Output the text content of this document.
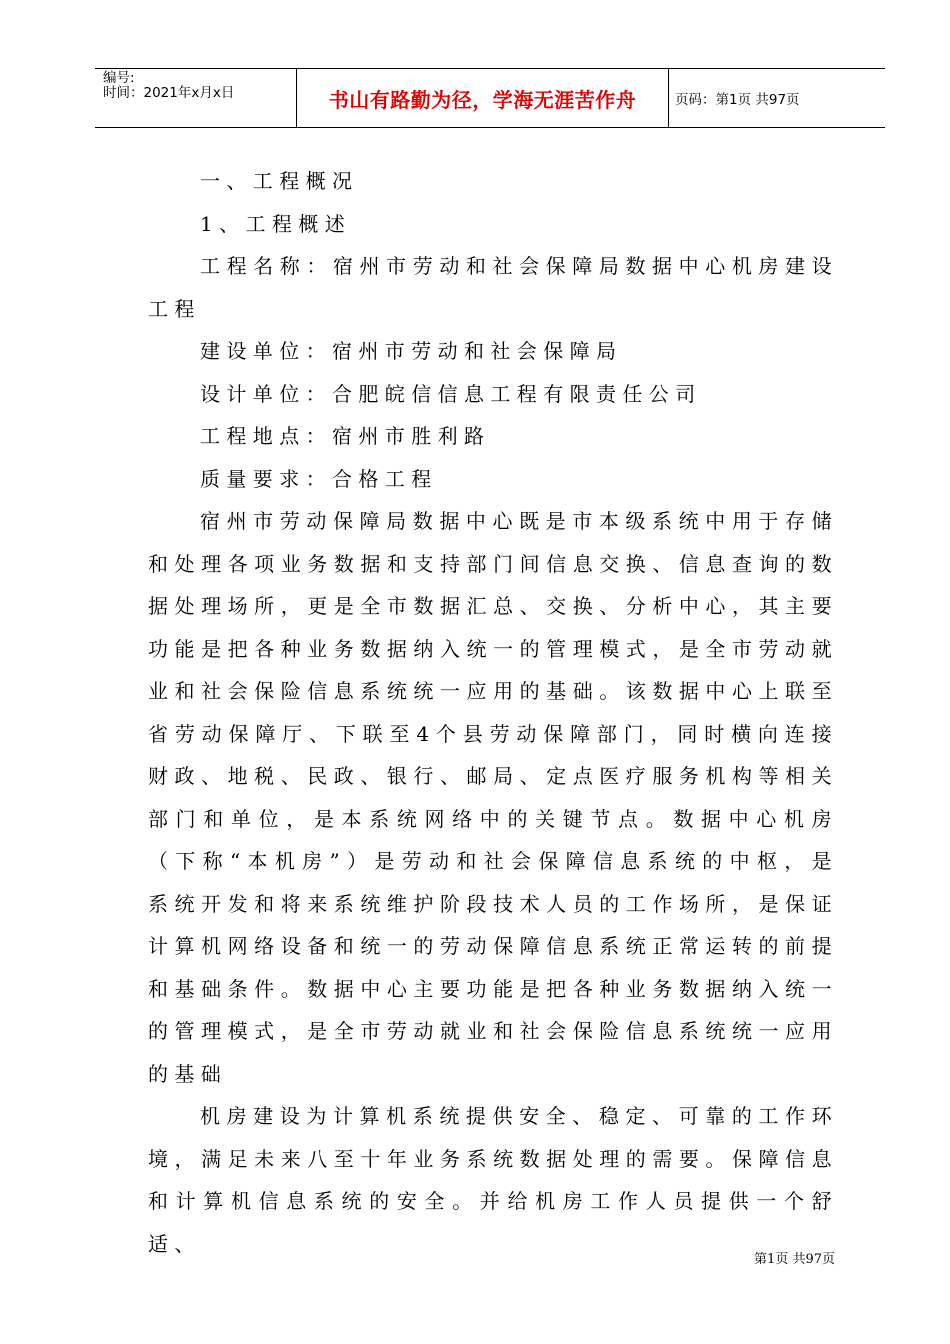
编号:
时间：2021年x月x日	书山有路勤为径，学海无涯苦作舟	页码：第1页 共97页

一、工程概况

1、工程概述

工程名称：宿州市劳动和社会保障局数据中心机房建设工程

建设单位：宿州市劳动和社会保障局

设计单位：合肥皖信信息工程有限责任公司

工程地点：宿州市胜利路

质量要求：合格工程

宿州市劳动保障局数据中心既是市本级系统中用于存储和处理各项业务数据和支持部门间信息交换、信息查询的数据处理场所，更是全市数据汇总、交换、分析中心，其主要功能是把各种业务数据纳入统一的管理模式，是全市劳动就业和社会保险信息系统统一应用的基础。该数据中心上联至省劳动保障厅、下联至4个县劳动保障部门，同时横向连接财政、地税、民政、银行、邮局、定点医疗服务机构等相关部门和单位，是本系统网络中的关键节点。数据中心机房（下称“本机房”）是劳动和社会保障信息系统的中枢，是系统开发和将来系统维护阶段技术人员的工作场所，是保证计算机网络设备和统一的劳动保障信息系统正常运转的前提和基础条件。数据中心主要功能是把各种业务数据纳入统一的管理模式，是全市劳动就业和社会保险信息系统统一应用的基础

机房建设为计算机系统提供安全、稳定、可靠的工作环境，满足未来八至十年业务系统数据处理的需要。保障信息和计算机信息系统的安全。并给机房工作人员提供一个舒适、

第1页 共97页
